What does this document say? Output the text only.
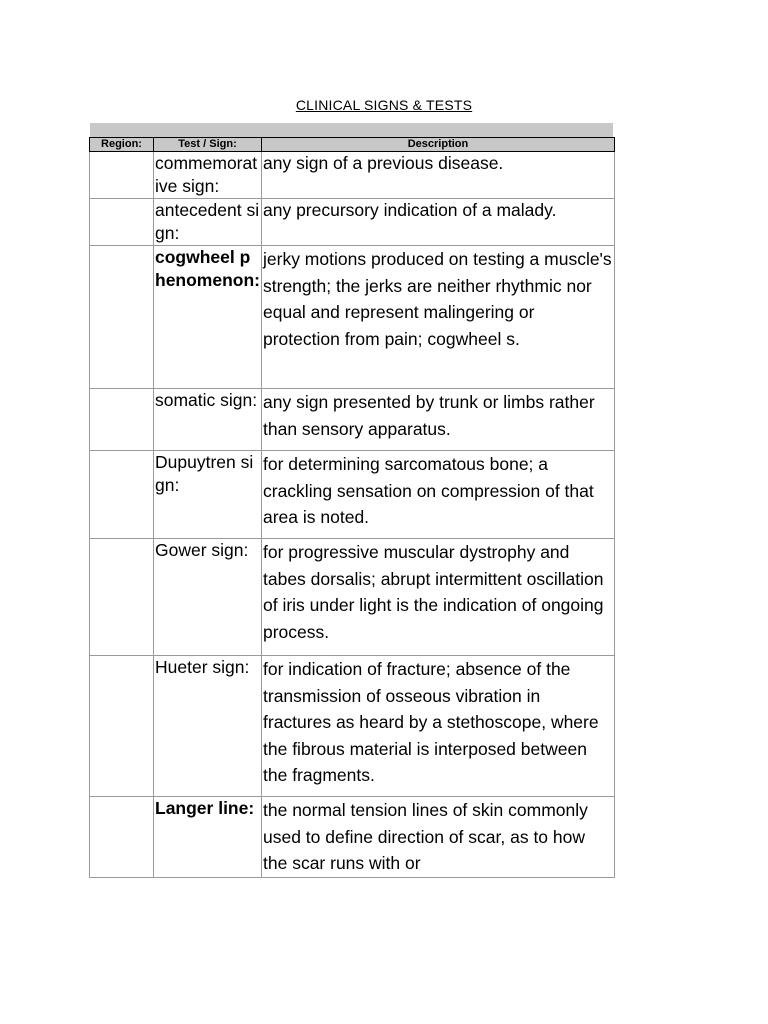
CLINICAL SIGNS & TESTS
Region:	Test / Sign:	Description
	commemorative sign:	any sign of a previous disease.
	antecedent sign:	any precursory indication of a malady.
	cogwheel phenomenon:	jerky motions produced on testing a muscle's strength; the jerks are neither rhythmic nor equal and represent malingering or protection from pain; cogwheel s.
	somatic sign:	any sign presented by trunk or limbs rather than sensory apparatus.
	Dupuytren sign:	for determining sarcomatous bone; a crackling sensation on compression of that area is noted.
	Gower sign:	for progressive muscular dystrophy and tabes dorsalis; abrupt intermittent oscillation of iris under light is the indication of ongoing process.
	Hueter sign:	for indication of fracture; absence of the transmission of osseous vibration in fractures as heard by a stethoscope, where the fibrous material is interposed between the fragments.
	Langer line:	the normal tension lines of skin commonly used to define direction of scar, as to how the scar runs with or
